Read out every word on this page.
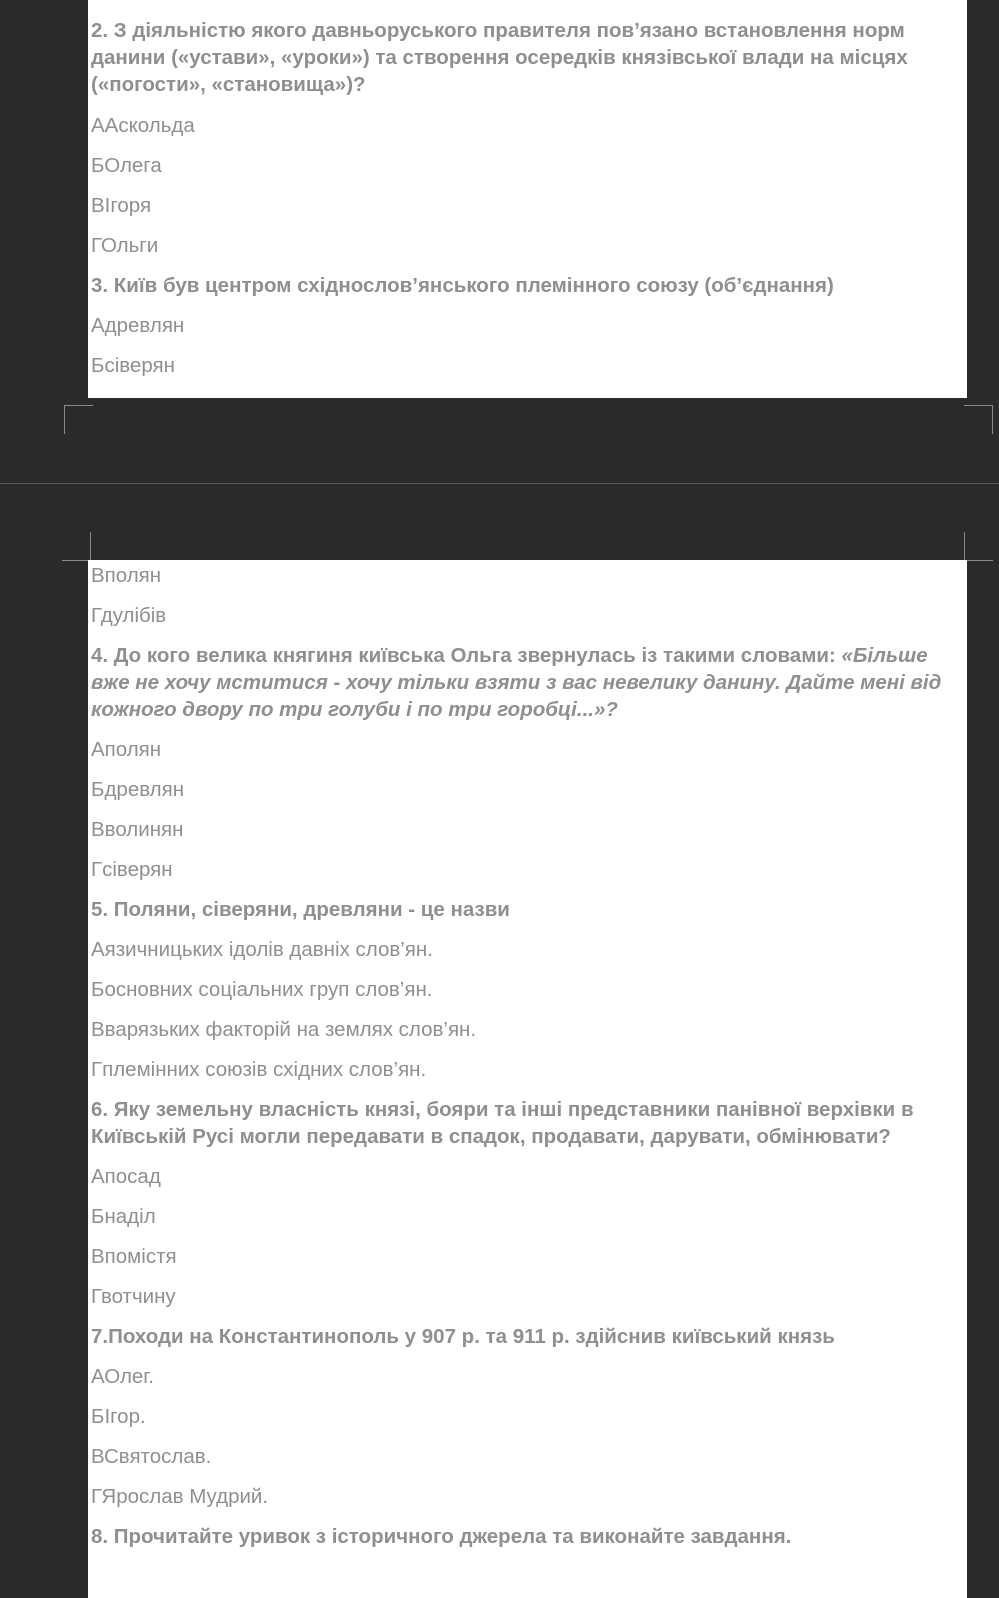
2. З діяльністю якого давньоруського правителя пов’язано встановлення норм данини («устави», «уроки») та створення осередків князівської влади на місцях («погости», «становища»)?

ААскольда

БОлега

ВІгоря

ГОльги

3. Київ був центром східнослов’янського племінного союзу (об’єднання)

Адревлян

Бсіверян

Вполян

Гдулібів

4. До кого велика княгиня київська Ольга звернулась із такими словами: «Більше вже не хочу мститися - хочу тільки взяти з вас невелику данину. Дайте мені від кожного двору по три голуби і по три горобці...»?

Аполян

Бдревлян

Вволинян

Гсіверян

5. Поляни, сіверяни, древляни - це назви

Аязичницьких ідолів давніх слов’ян.

Босновних соціальних груп слов’ян.

Вварязьких факторій на землях слов’ян.

Гплемінних союзів східних слов’ян.

6. Яку земельну власність князі, бояри та інші представники панівної верхівки в Київській Русі могли передавати в спадок, продавати, дарувати, обмінювати?

Апосад

Бнаділ

Впомістя

Гвотчину

7.Походи на Константинополь у 907 р. та 911 р. здійснив київський князь

АОлег.

БІгор.

ВСвятослав.

ГЯрослав Мудрий.

8. Прочитайте уривок з історичного джерела та виконайте завдання.
